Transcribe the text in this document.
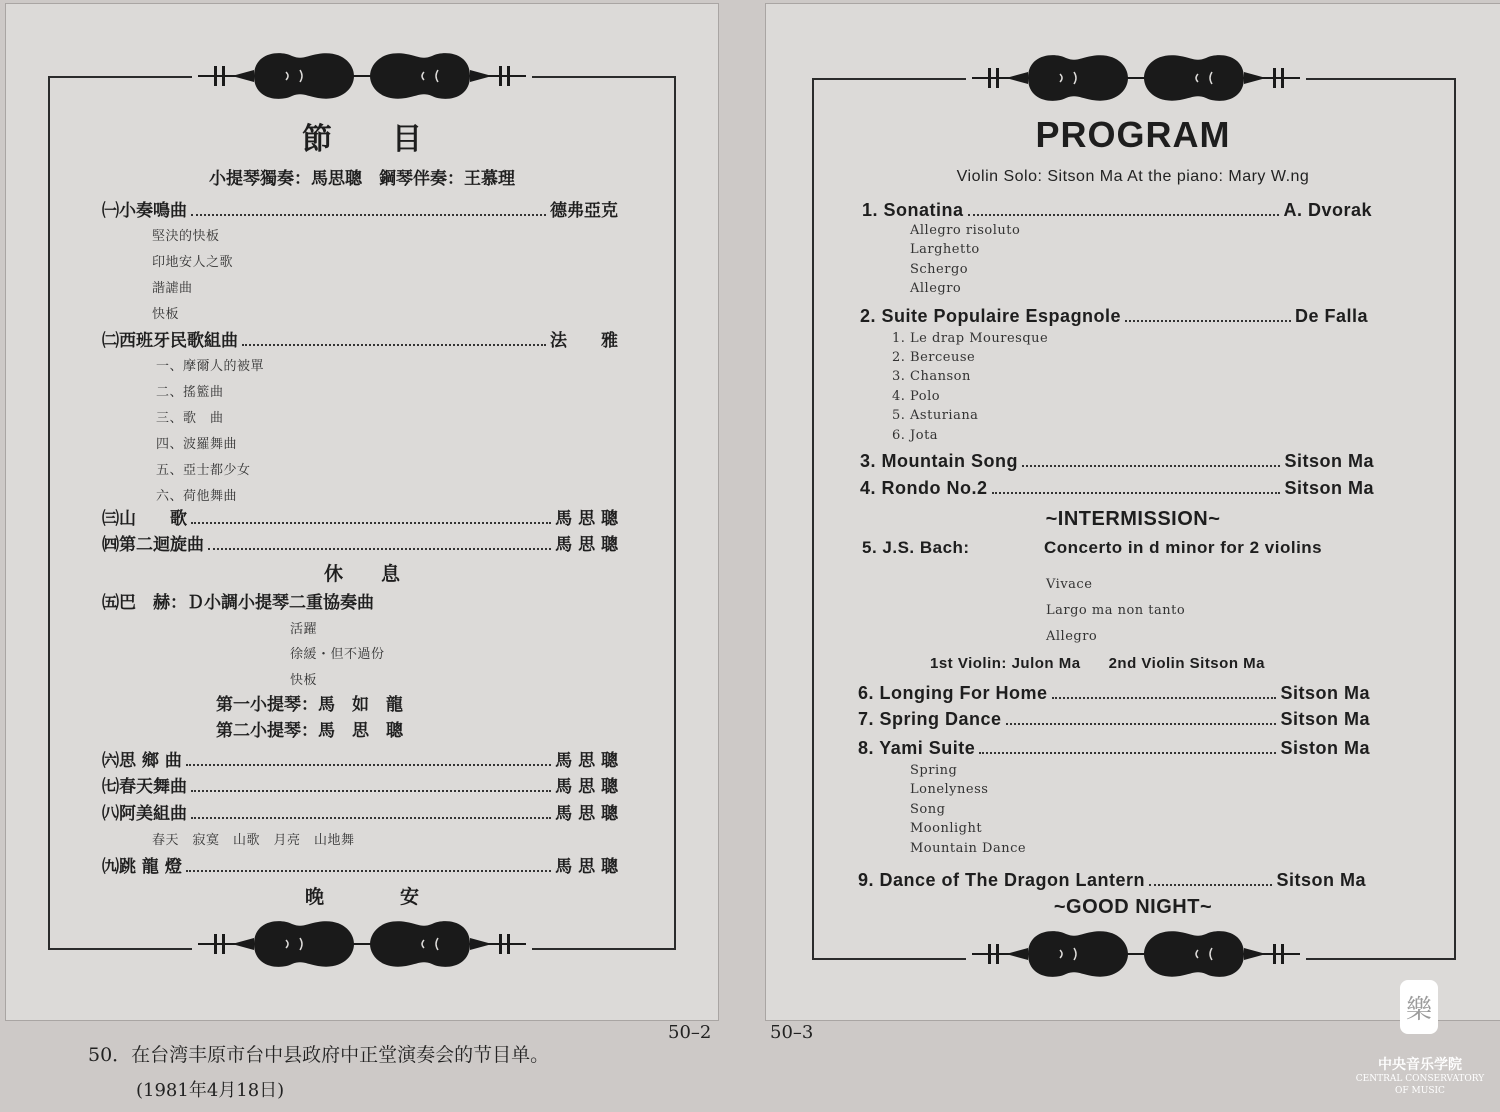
節　　目
小提琴獨奏：馬思聰　鋼琴伴奏：王慕理
㈠小奏鳴曲	德弗亞克
堅決的快板
印地安人之歌
諧謔曲
快板
㈡西班牙民歌組曲	法　　雅
一、摩爾人的被單
二、搖籃曲
三、歌　曲
四、波羅舞曲
五、亞士都少女
六、荷他舞曲
㈢山　　歌	馬 思 聰
㈣第二迴旋曲	馬 思 聰
休　　息
㈤巴　赫：Ｄ小調小提琴二重協奏曲
活躍
徐緩・但不過份
快板
第一小提琴：馬　如　龍
第二小提琴：馬　思　聰
㈥思 鄉 曲	馬 思 聰
㈦春天舞曲	馬 思 聰
㈧阿美組曲	馬 思 聰
春天　寂寞　山歌　月亮　山地舞
㈨跳 龍 燈	馬 思 聰
晚　　　　安
50–2
PROGRAM
Violin Solo: Sitson Ma At the piano: Mary W.ng
1. Sonatina	A. Dvorak
Allegro risoluto
Larghetto
Schergo
Allegro
2. Suite Populaire Espagnole	De Falla
1. Le drap Mouresque
2. Berceuse
3. Chanson
4. Polo
5. Asturiana
6. Jota
3. Mountain Song	Sitson Ma
4. Rondo No.2	Sitson Ma
~INTERMISSION~
5. J.S. Bach:	Concerto in d minor for 2 violins
Vivace
Largo ma non tanto
Allegro
1st Violin: Julon Ma      2nd Violin Sitson Ma
6. Longing For Home	Sitson Ma
7. Spring Dance	Sitson Ma
8. Yami Suite	Siston Ma
Spring
Lonelyness
Song
Moonlight
Mountain Dance
9. Dance of The Dragon Lantern	Sitson Ma
~GOOD NIGHT~
50–3
50．在台湾丰原市台中县政府中正堂演奏会的节目单。
(1981年4月18日)
樂
中央音乐学院
CENTRAL CONSERVATORY
OF MUSIC
